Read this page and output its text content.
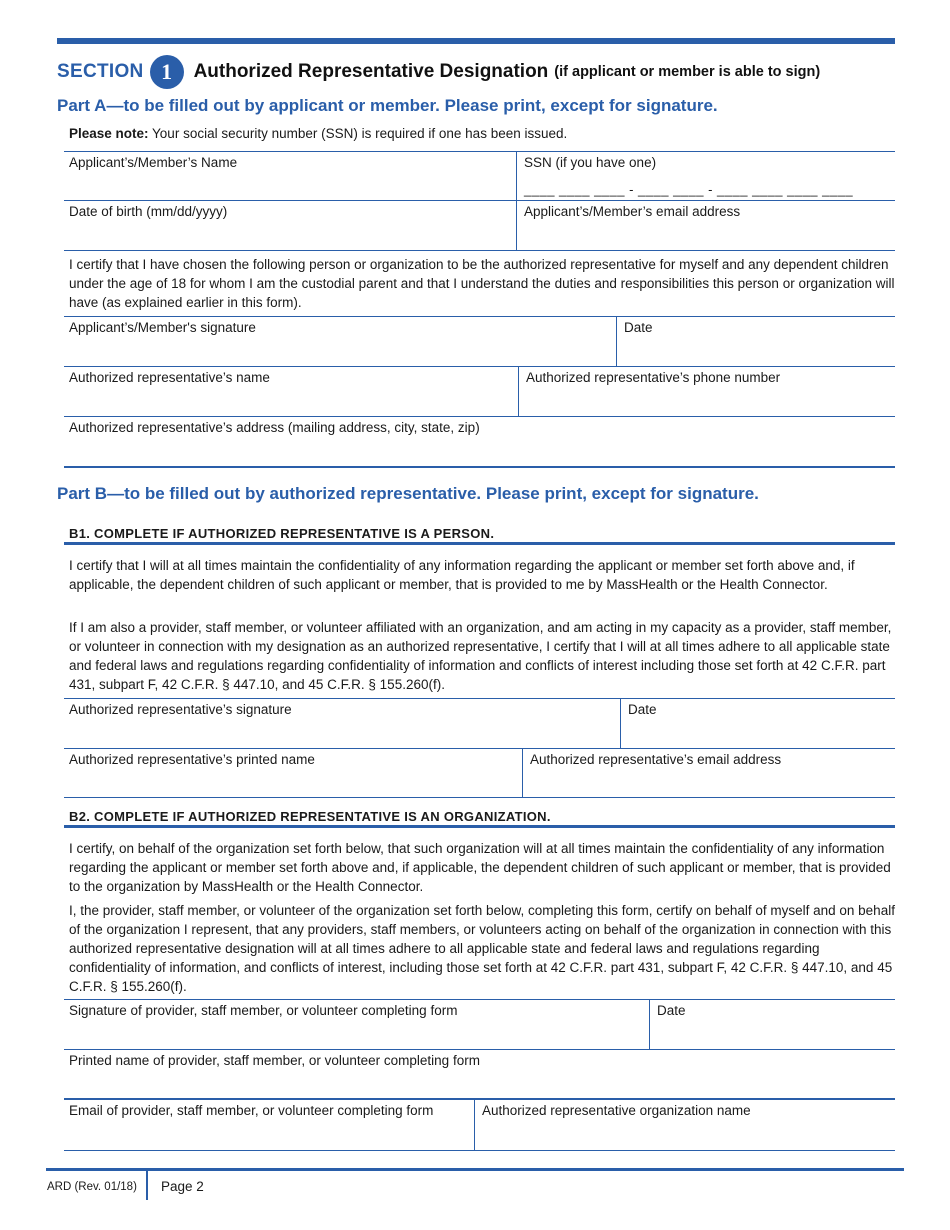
SECTION 1	Authorized Representative Designation (if applicant or member is able to sign)
Part A—to be filled out by applicant or member. Please print, except for signature.
Please note: Your social security number (SSN) is required if one has been issued.
Applicant’s/Member’s Name	SSN (if you have one)
____ ____ ____ - ____ ____ - ____ ____ ____ ____
Date of birth (mm/dd/yyyy)	Applicant’s/Member’s email address
I certify that I have chosen the following person or organization to be the authorized representative for myself and any dependent children under the age of 18 for whom I am the custodial parent and that I understand the duties and responsibilities this person or organization will have (as explained earlier in this form).
Applicant’s/Member's signature	Date
Authorized representative’s name	Authorized representative’s phone number
Authorized representative’s address (mailing address, city, state, zip)
Part B—to be filled out by authorized representative. Please print, except for signature.
B1. COMPLETE IF AUTHORIZED REPRESENTATIVE IS A PERSON.
I certify that I will at all times maintain the confidentiality of any information regarding the applicant or member set forth above and, if applicable, the dependent children of such applicant or member, that is provided to me by MassHealth or the Health Connector.
If I am also a provider, staff member, or volunteer affiliated with an organization, and am acting in my capacity as a provider, staff member, or volunteer in connection with my designation as an authorized representative, I certify that I will at all times adhere to all applicable state and federal laws and regulations regarding confidentiality of information and conflicts of interest including those set forth at 42 C.F.R. part 431, subpart F, 42 C.F.R. § 447.10, and 45 C.F.R. § 155.260(f).
Authorized representative’s signature	Date
Authorized representative’s printed name	Authorized representative’s email address
B2. COMPLETE IF AUTHORIZED REPRESENTATIVE IS AN ORGANIZATION.
I certify, on behalf of the organization set forth below, that such organization will at all times maintain the confidentiality of any information regarding the applicant or member set forth above and, if applicable, the dependent children of such applicant or member, that is provided to the organization by MassHealth or the Health Connector.
I, the provider, staff member, or volunteer of the organization set forth below, completing this form, certify on behalf of myself and on behalf of the organization I represent, that any providers, staff members, or volunteers acting on behalf of the organization in connection with this authorized representative designation will at all times adhere to all applicable state and federal laws and regulations regarding confidentiality of information, and conflicts of interest, including those set forth at 42 C.F.R. part 431, subpart F, 42 C.F.R. § 447.10, and 45 C.F.R. § 155.260(f).
Signature of provider, staff member, or volunteer completing form	Date
Printed name of provider, staff member, or volunteer completing form
Email of provider, staff member, or volunteer completing form	Authorized representative organization name
ARD (Rev. 01/18) Page 2
